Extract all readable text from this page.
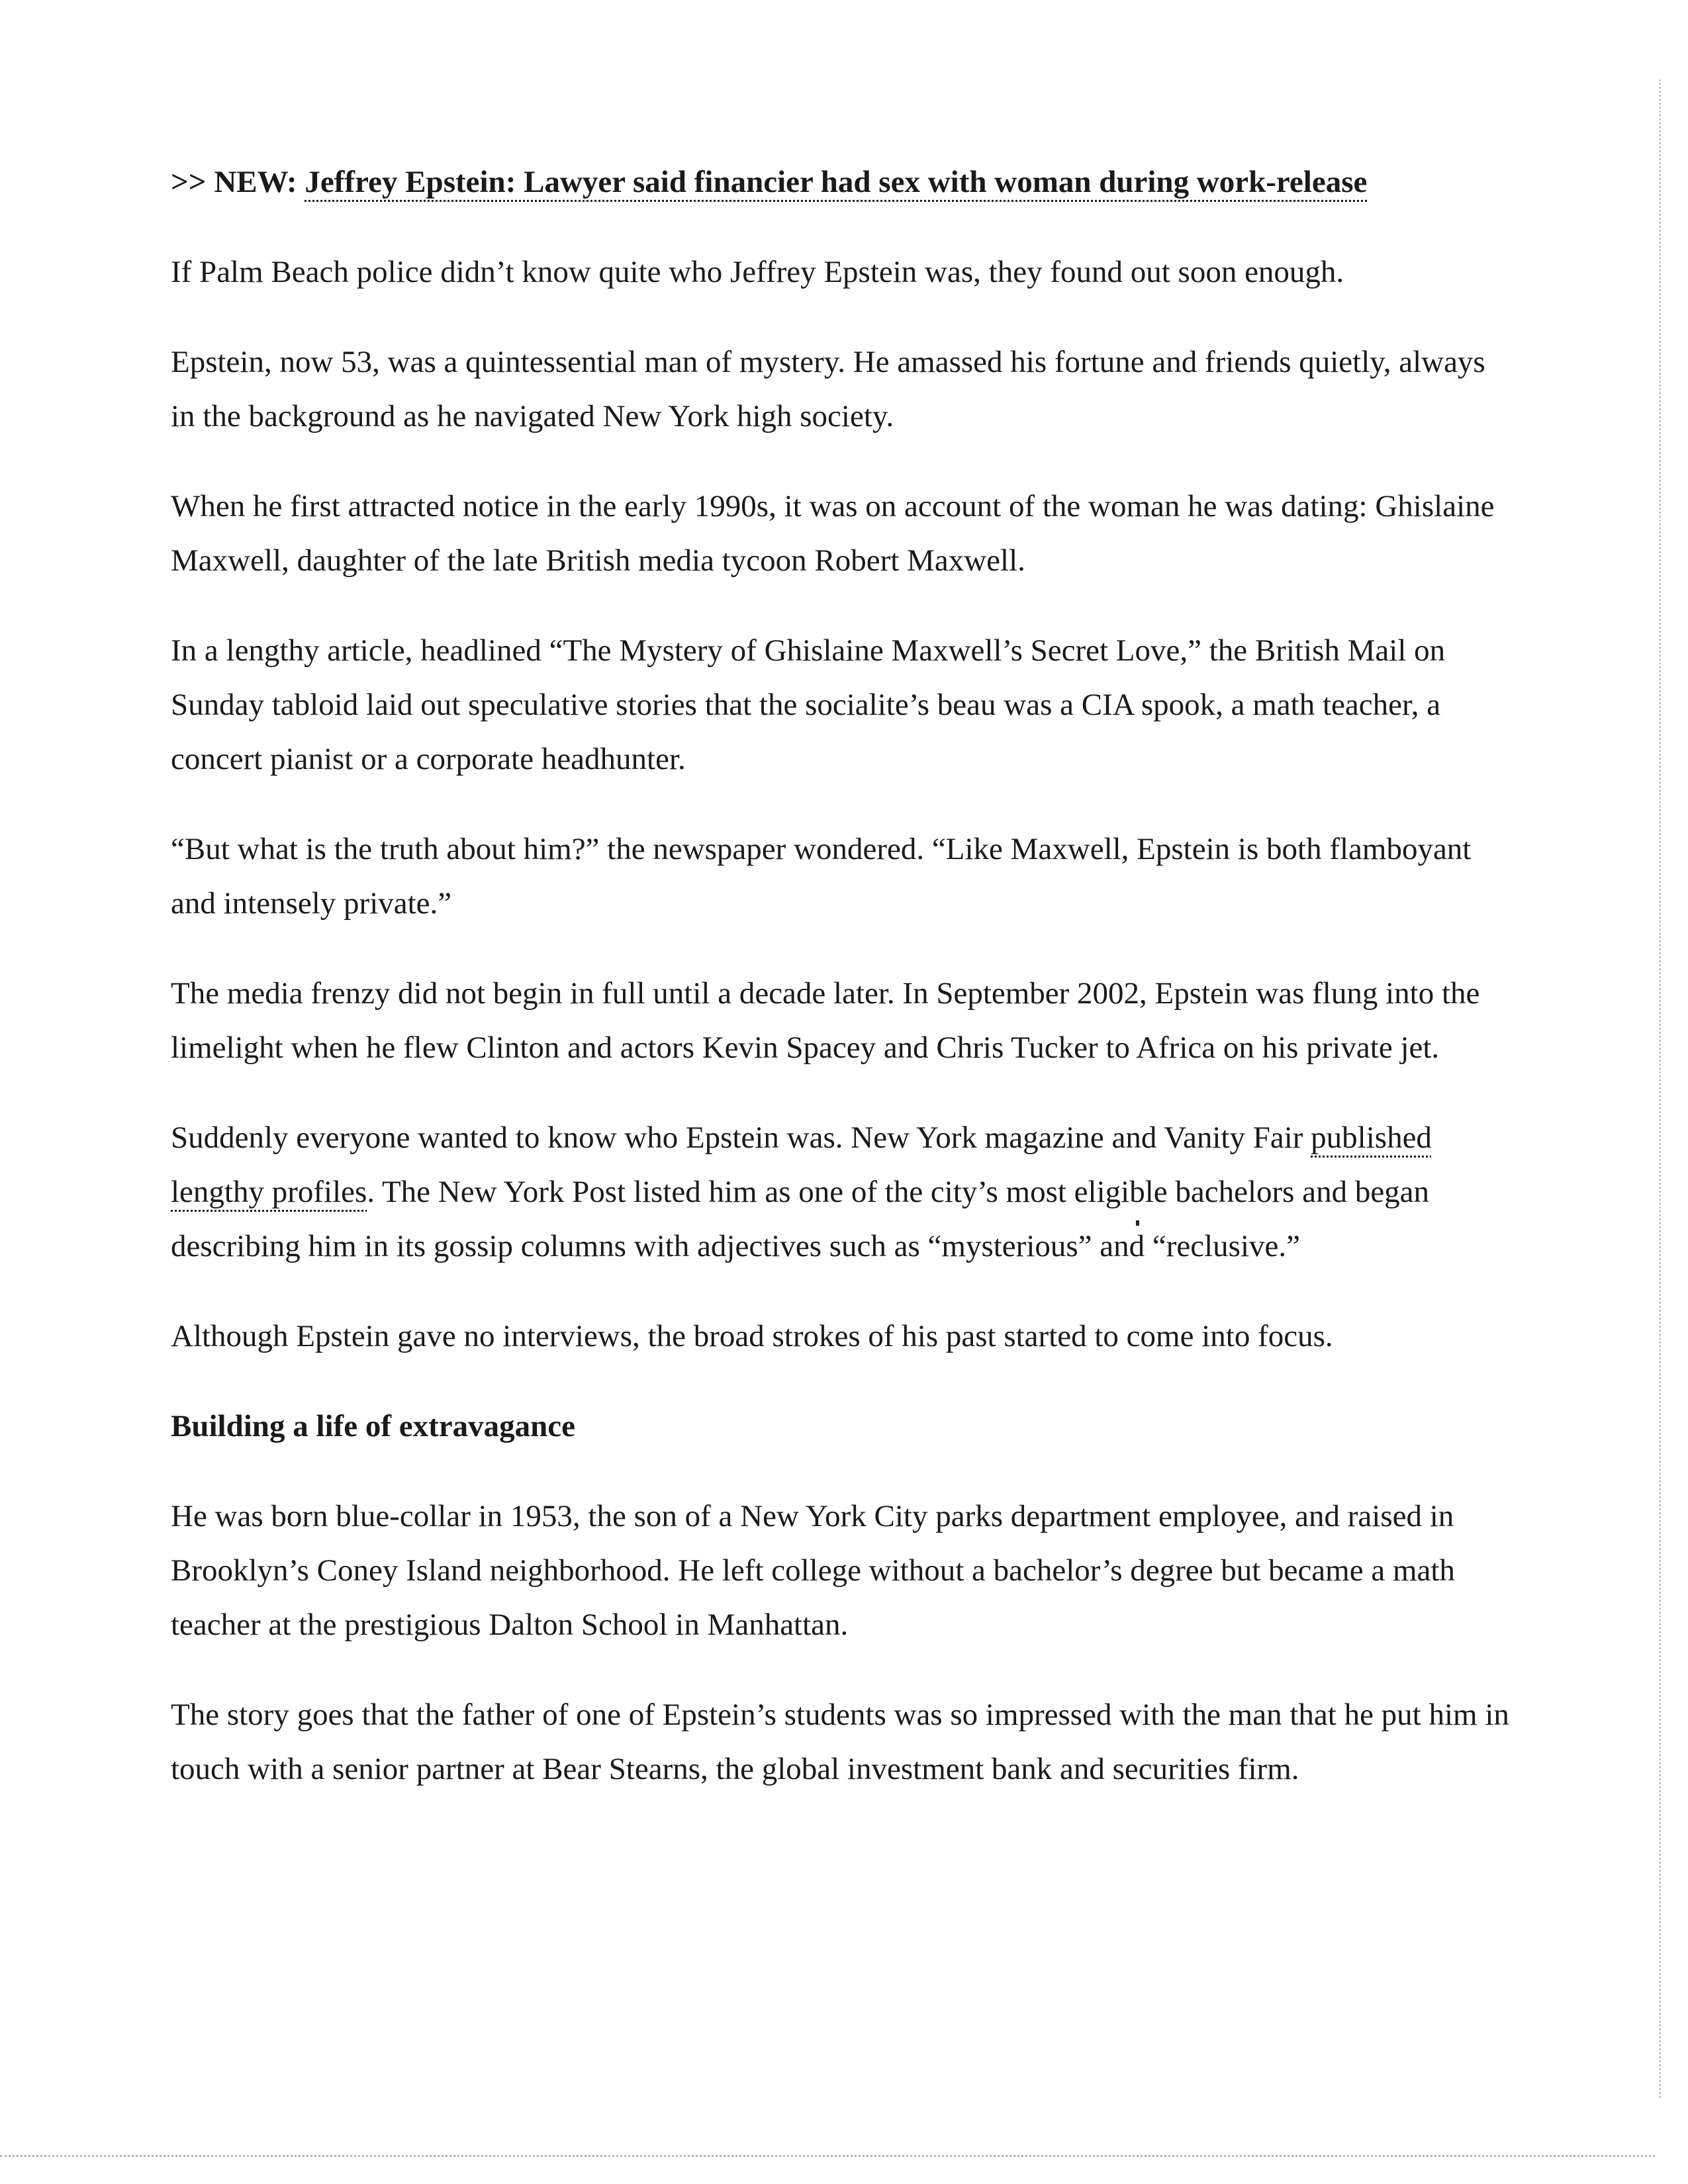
>> NEW: Jeffrey Epstein: Lawyer said financier had sex with woman during work-release

If Palm Beach police didn’t know quite who Jeffrey Epstein was, they found out soon enough.

Epstein, now 53, was a quintessential man of mystery. He amassed his fortune and friends quietly, always in the background as he navigated New York high society.

When he first attracted notice in the early 1990s, it was on account of the woman he was dating: Ghislaine Maxwell, daughter of the late British media tycoon Robert Maxwell.

In a lengthy article, headlined “The Mystery of Ghislaine Maxwell’s Secret Love,” the British Mail on Sunday tabloid laid out speculative stories that the socialite’s beau was a CIA spook, a math teacher, a concert pianist or a corporate headhunter.

“But what is the truth about him?” the newspaper wondered. “Like Maxwell, Epstein is both flamboyant and intensely private.”

The media frenzy did not begin in full until a decade later. In September 2002, Epstein was flung into the limelight when he flew Clinton and actors Kevin Spacey and Chris Tucker to Africa on his private jet.

Suddenly everyone wanted to know who Epstein was. New York magazine and Vanity Fair published lengthy profiles. The New York Post listed him as one of the city’s most eligible bachelors and began describing him in its gossip columns with adjectives such as “mysterious” and “reclusive.”

Although Epstein gave no interviews, the broad strokes of his past started to come into focus.

Building a life of extravagance

He was born blue-collar in 1953, the son of a New York City parks department employee, and raised in Brooklyn’s Coney Island neighborhood. He left college without a bachelor’s degree but became a math teacher at the prestigious Dalton School in Manhattan.

The story goes that the father of one of Epstein’s students was so impressed with the man that he put him in touch with a senior partner at Bear Stearns, the global investment bank and securities firm.
